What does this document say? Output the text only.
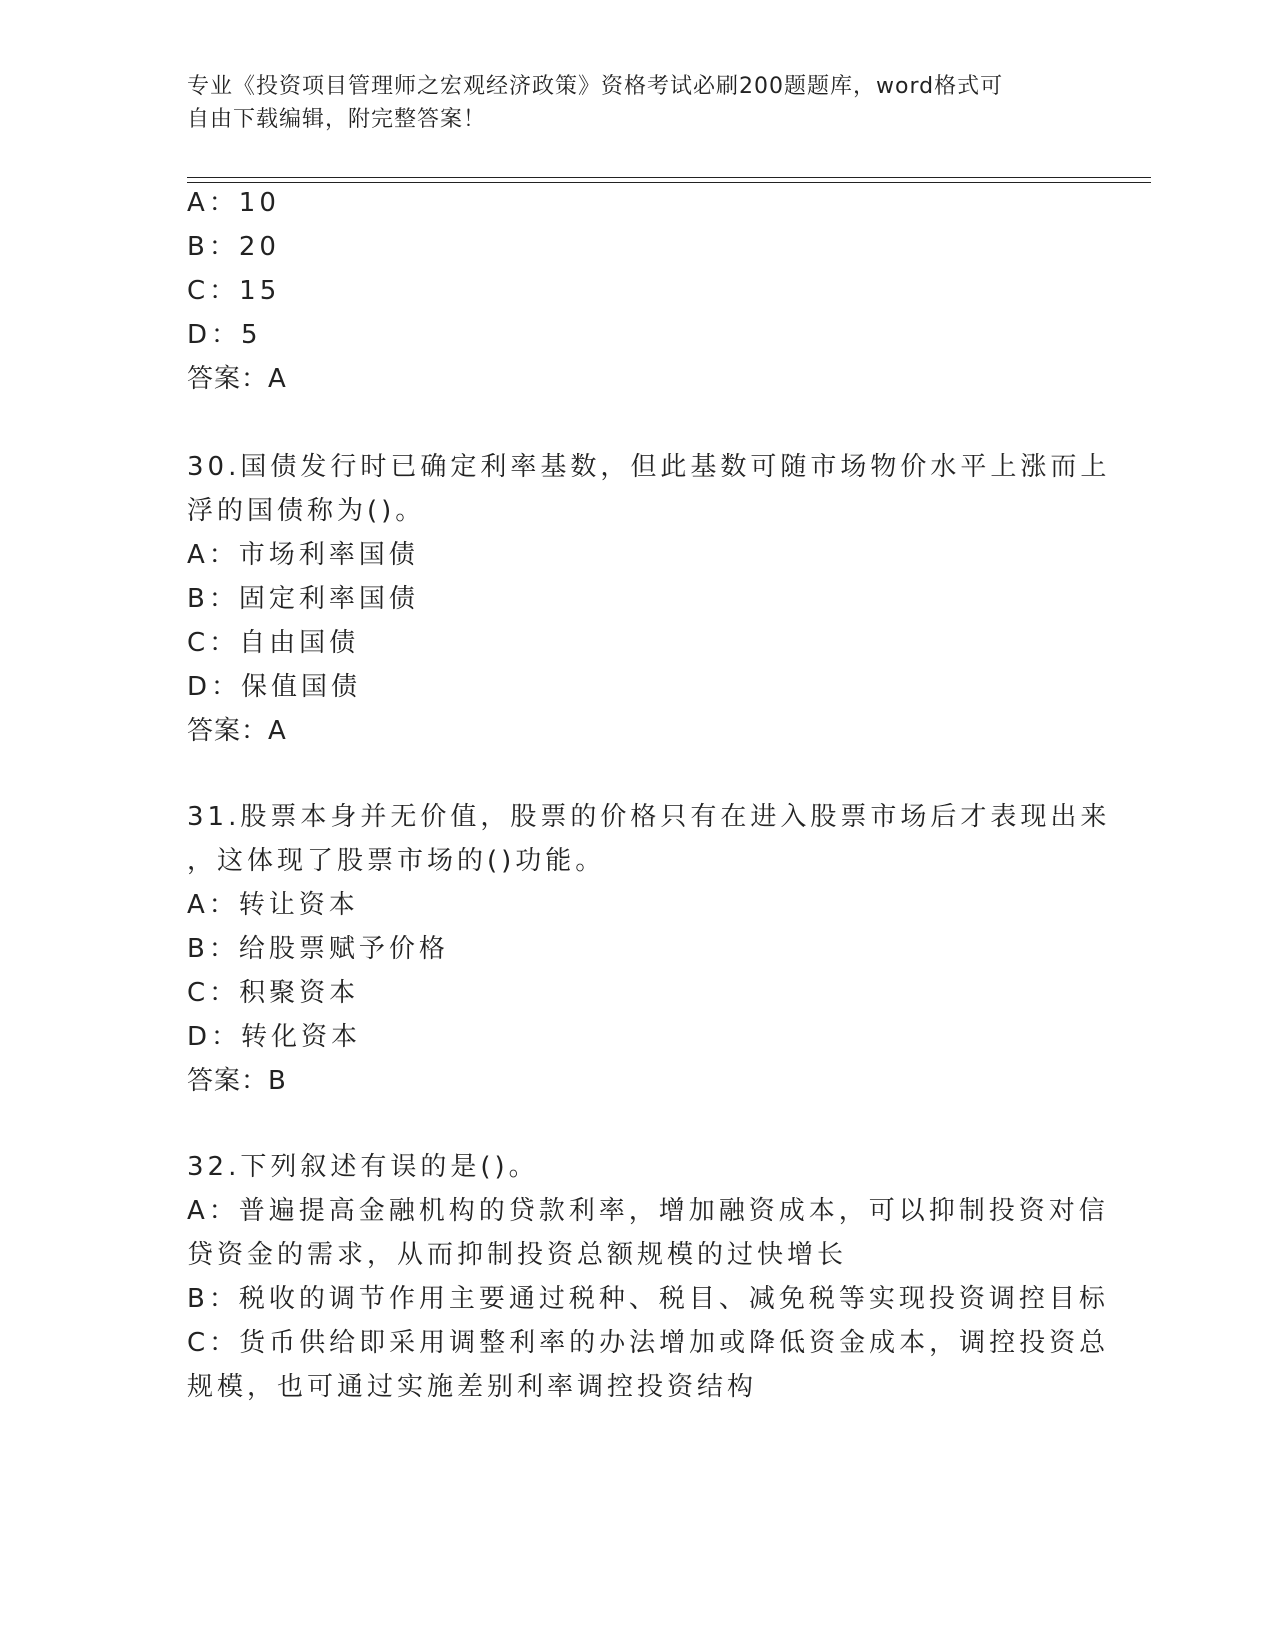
专业《投资项目管理师之宏观经济政策》资格考试必刷200题题库，word格式可
自由下载编辑，附完整答案！
A：10
B：20
C：15
D：5
答案：A
30.国债发行时已确定利率基数，但此基数可随市场物价水平上涨而上
浮的国债称为()。
A：市场利率国债
B：固定利率国债
C：自由国债
D：保值国债
答案：A
31.股票本身并无价值，股票的价格只有在进入股票市场后才表现出来
，这体现了股票市场的()功能。
A：转让资本
B：给股票赋予价格
C：积聚资本
D：转化资本
答案：B
32.下列叙述有误的是()。
A：普遍提高金融机构的贷款利率，增加融资成本，可以抑制投资对信
贷资金的需求，从而抑制投资总额规模的过快增长
B：税收的调节作用主要通过税种、税目、减免税等实现投资调控目标
C：货币供给即采用调整利率的办法增加或降低资金成本，调控投资总
规模，也可通过实施差别利率调控投资结构
